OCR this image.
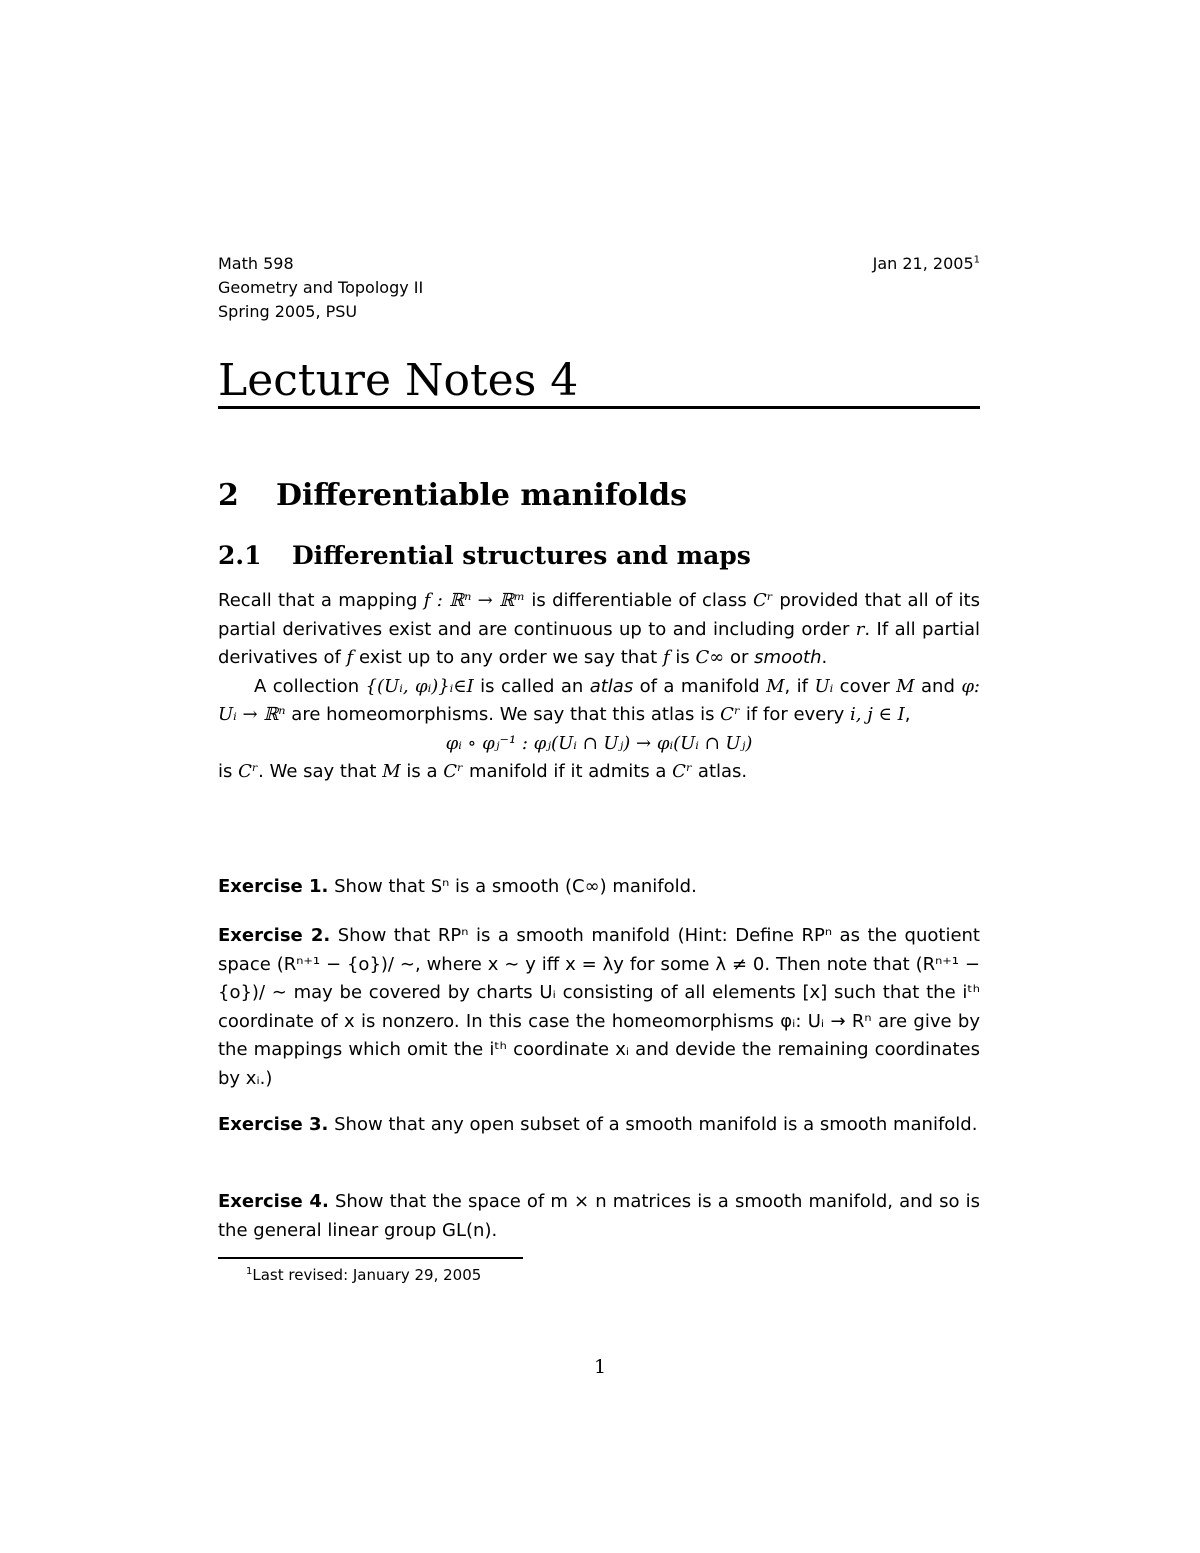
Math 598	Jan 21, 2005$^1$
Geometry and Topology II
Spring 2005, PSU
Lecture Notes 4
2 Differentiable manifolds
2.1 Differential structures and maps

Recall that a mapping f : ℝⁿ → ℝᵐ is differentiable of class Cʳ provided that all of its partial derivatives exist and are continuous up to and including order r. If all partial derivatives of f exist up to any order we say that f is C∞ or smooth.

A collection {(Uᵢ, φᵢ)}ᵢ∈I is called an atlas of a manifold M, if Uᵢ cover M and φ: Uᵢ → ℝⁿ are homeomorphisms. We say that this atlas is Cʳ if for every i, j ∈ I,

φᵢ ∘ φⱼ⁻¹ : φⱼ(Uᵢ ∩ Uⱼ) → φᵢ(Uᵢ ∩ Uⱼ)

is Cʳ. We say that M is a Cʳ manifold if it admits a Cʳ atlas.

Exercise 1. Show that Sⁿ is a smooth (C∞) manifold.

Exercise 2. Show that RPⁿ is a smooth manifold (Hint: Define RPⁿ as the quotient space (Rⁿ⁺¹ − {o})/ ∼, where x ∼ y iff x = λy for some λ ≠ 0. Then note that (Rⁿ⁺¹ − {o})/ ∼ may be covered by charts Uᵢ consisting of all elements [x] such that the iᵗʰ coordinate of x is nonzero. In this case the homeomorphisms φᵢ: Uᵢ → Rⁿ are give by the mappings which omit the iᵗʰ coordinate xᵢ and devide the remaining coordinates by xᵢ.)

Exercise 3. Show that any open subset of a smooth manifold is a smooth manifold.

Exercise 4. Show that the space of m × n matrices is a smooth manifold, and so is the general linear group GL(n).

$^1$Last revised: January 29, 2005
1
